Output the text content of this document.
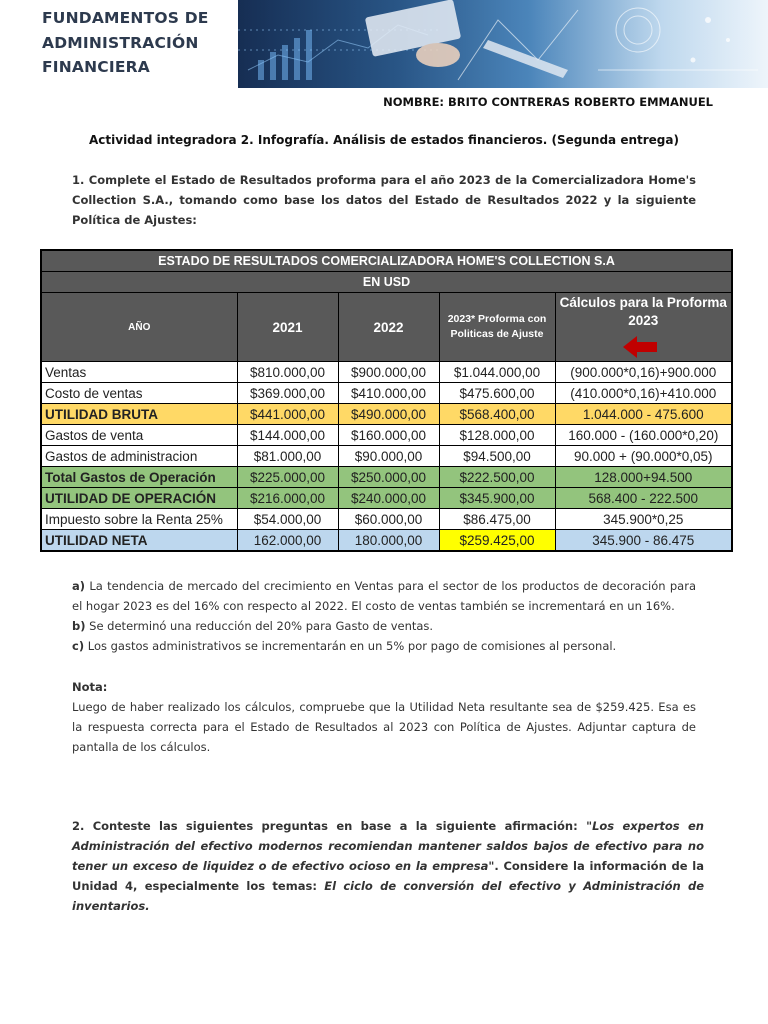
FUNDAMENTOS DE
ADMINISTRACIÓN
FINANCIERA
NOMBRE: BRITO CONTRERAS ROBERTO EMMANUEL
Actividad integradora 2. Infografía. Análisis de estados financieros. (Segunda entrega)
1. Complete el Estado de Resultados proforma para el año 2023 de la Comercializadora Home's Collection S.A., tomando como base los datos del Estado de Resultados 2022 y la siguiente Política de Ajustes:
ESTADO DE RESULTADOS COMERCIALIZADORA HOME'S COLLECTION S.A				
EN USD				
AÑO	2021	2022	2023* Proforma con Politicas de Ajuste	Cálculos para la Proforma 2023

Ventas	$810.000,00	$900.000,00	$1.044.000,00	(900.000*0,16)+900.000
Costo de ventas	$369.000,00	$410.000,00	$475.600,00	(410.000*0,16)+410.000
UTILIDAD BRUTA	$441.000,00	$490.000,00	$568.400,00	1.044.000 - 475.600
Gastos de venta	$144.000,00	$160.000,00	$128.000,00	160.000 - (160.000*0,20)
Gastos de administracion	$81.000,00	$90.000,00	$94.500,00	90.000 + (90.000*0,05)
Total Gastos de Operación	$225.000,00	$250.000,00	$222.500,00	128.000+94.500
UTILIDAD DE OPERACIÓN	$216.000,00	$240.000,00	$345.900,00	568.400 - 222.500
Impuesto sobre la Renta 25%	$54.000,00	$60.000,00	$86.475,00	345.900*0,25
UTILIDAD NETA	162.000,00	180.000,00	$259.425,00	345.900 - 86.475

a) La tendencia de mercado del crecimiento en Ventas para el sector de los productos de decoración para el hogar 2023 es del 16% con respecto al 2022. El costo de ventas también se incrementará en un 16%.

b) Se determinó una reducción del 20% para Gasto de ventas.

c) Los gastos administrativos se incrementarán en un 5% por pago de comisiones al personal.

Nota:

Luego de haber realizado los cálculos, compruebe que la Utilidad Neta resultante sea de $259.425. Esa es la respuesta correcta para el Estado de Resultados al 2023 con Política de Ajustes. Adjuntar captura de pantalla de los cálculos.

2. Conteste las siguientes preguntas en base a la siguiente afirmación: "Los expertos en Administración del efectivo modernos recomiendan mantener saldos bajos de efectivo para no tener un exceso de liquidez o de efectivo ocioso en la empresa". Considere la información de la Unidad 4, especialmente los temas: El ciclo de conversión del efectivo y Administración de inventarios.
